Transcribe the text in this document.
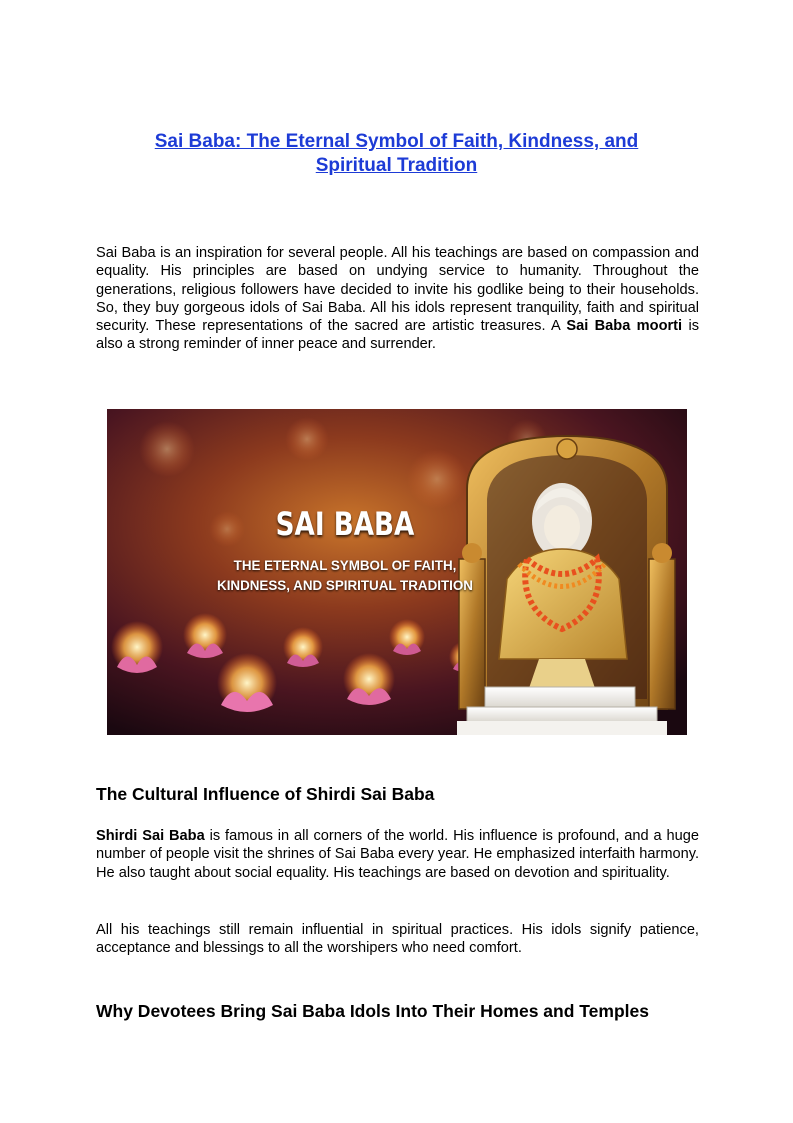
Sai Baba: The Eternal Symbol of Faith, Kindness, and
Spiritual Tradition

Sai Baba is an inspiration for several people. All his teachings are based on compassion and equality. His principles are based on undying service to humanity. Throughout the generations, religious followers have decided to invite his godlike being to their households. So, they buy gorgeous idols of Sai Baba. All his idols represent tranquility, faith and spiritual security. These representations of the sacred are artistic treasures. A Sai Baba moorti is also a strong reminder of inner peace and surrender.

SAI BABA
THE ETERNAL SYMBOL OF FAITH,
KINDNESS, AND SPIRITUAL TRADITION
The Cultural Influence of Shirdi Sai Baba

Shirdi Sai Baba is famous in all corners of the world. His influence is profound, and a huge number of people visit the shrines of Sai Baba every year. He emphasized interfaith harmony. He also taught about social equality. His teachings are based on devotion and spirituality.

All his teachings still remain influential in spiritual practices. His idols signify patience, acceptance and blessings to all the worshipers who need comfort.

Why Devotees Bring Sai Baba Idols Into Their Homes and Temples
